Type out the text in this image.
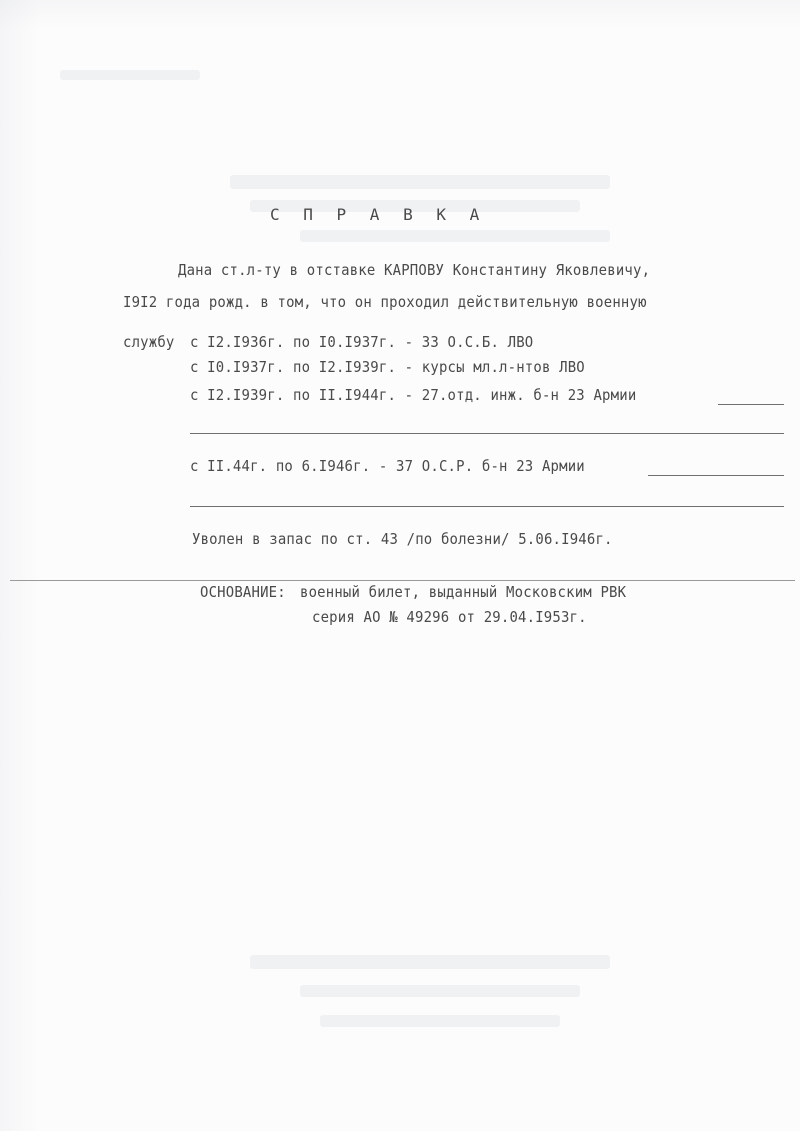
С П Р А В К А
Дана ст.л-ту в отставке КАРПОВУ Константину Яковлевичу,
I9I2 года рожд. в том, что он проходил действительную военную
службу с I2.I936г. по I0.I937г. - 33 О.С.Б. ЛВО
с I0.I937г. по I2.I939г. - курсы мл.л-нтов ЛВО
с I2.I939г. по II.I944г. - 27.отд. инж. б-н 23 Армии
с II.44г. по 6.I946г. - 37 О.С.Р. б-н 23 Армии
Уволен в запас по ст. 43 /по болезни/ 5.06.I946г.
ОСНОВАНИЕ: военный билет, выданный Московским РВК
серия АО № 49296 от 29.04.I953г.
